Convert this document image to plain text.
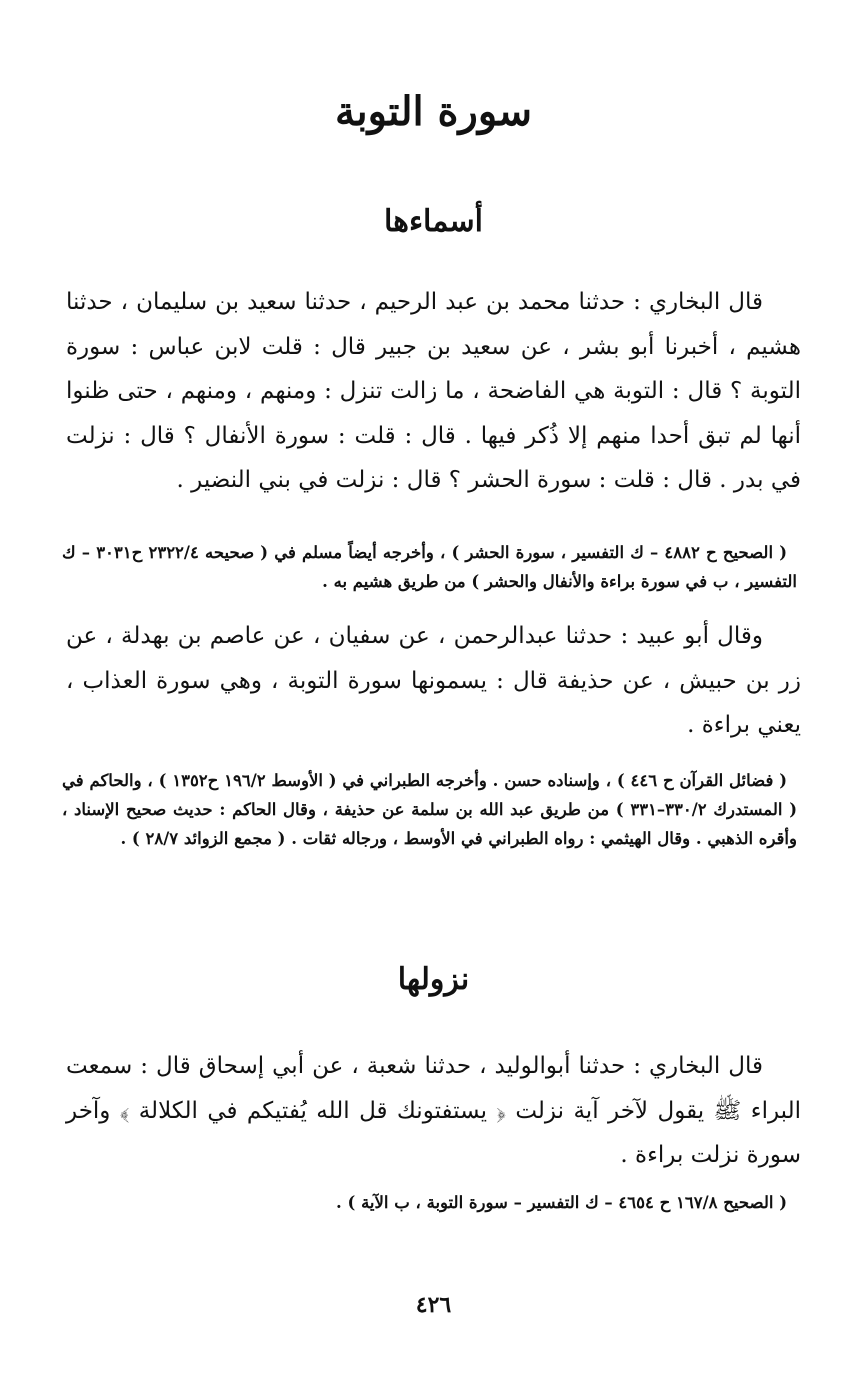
سورة التوبة
أسماءها

قال البخاري : حدثنا محمد بن عبد الرحيم ، حدثنا سعيد بن سليمان ، حدثنا هشيم ، أخبرنا أبو بشر ، عن سعيد بن جبير قال : قلت لابن عباس : سورة التوبة ؟ قال : التوبة هي الفاضحة ، ما زالت تنزل : ومنهم ، ومنهم ، حتى ظنوا أنها لم تبق أحدا منهم إلا ذُكر فيها . قال : قلت : سورة الأنفال ؟ قال : نزلت في بدر . قال : قلت : سورة الحشر ؟ قال : نزلت في بني النضير .

( الصحيح ح ٤٨٨٢ – ك التفسير ، سورة الحشر ) ، وأخرجه أيضاً مسلم في ( صحيحه ٢٣٢٢/٤ ح٣٠٣١ – ك التفسير ، ب في سورة براءة والأنفال والحشر ) من طريق هشيم به .

وقال أبو عبيد : حدثنا عبدالرحمن ، عن سفيان ، عن عاصم بن بهدلة ، عن زر بن حبيش ، عن حذيفة قال : يسمونها سورة التوبة ، وهي سورة العذاب ، يعني براءة .

( فضائل القرآن ح ٤٤٦ ) ، وإسناده حسن . وأخرجه الطبراني في ( الأوسط ١٩٦/٢ ح١٣٥٢ ) ، والحاكم في ( المستدرك ٣٣٠/٢–٣٣١ ) من طريق عبد الله بن سلمة عن حذيفة ، وقال الحاكم : حديث صحيح الإسناد ، وأقره الذهبي . وقال الهيثمي : رواه الطبراني في الأوسط ، ورجاله ثقات . ( مجمع الزوائد ٢٨/٧ ) .

نزولها

قال البخاري : حدثنا أبوالوليد ، حدثنا شعبة ، عن أبي إسحاق قال : سمعت البراء ﷺ يقول لآخر آية نزلت ﴿ يستفتونك قل الله يُفتيكم في الكلالة ﴾ وآخر سورة نزلت براءة .

( الصحيح ١٦٧/٨ ح ٤٦٥٤ – ك التفسير – سورة التوبة ، ب الآية ) .

٤٢٦
